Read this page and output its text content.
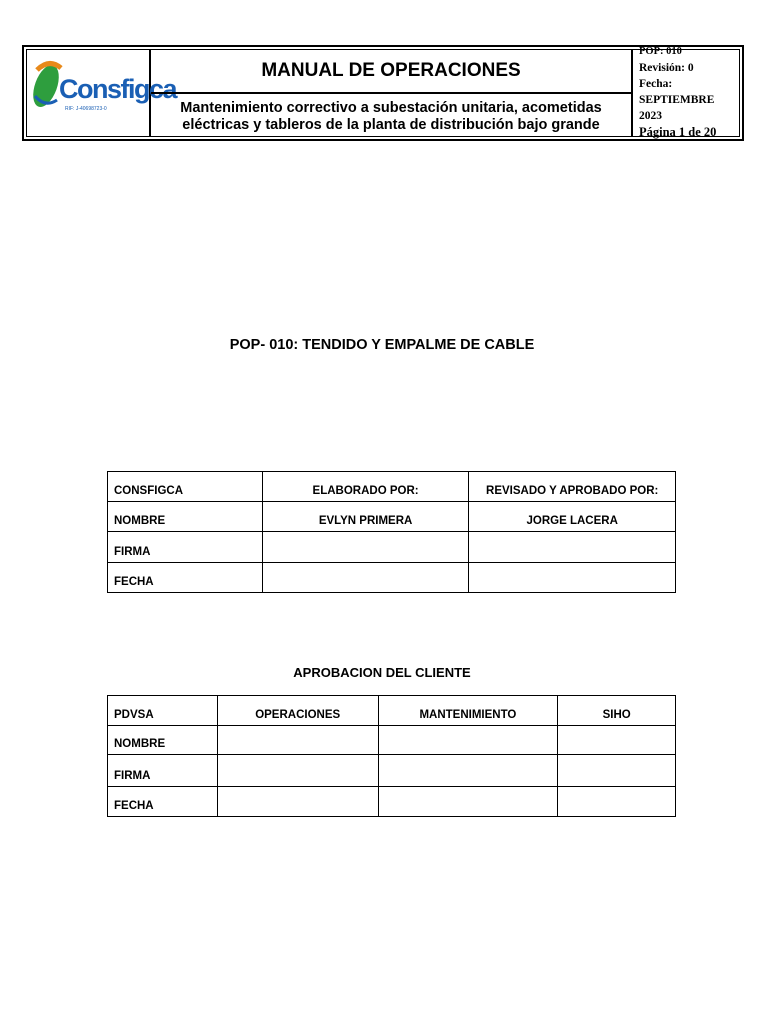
Consfigca
RIF: J-40698723-0
MANUAL DE OPERACIONES
Mantenimiento correctivo a subestación unitaria, acometidas
eléctricas y tableros de la planta de distribución bajo grande
POP: 010
Revisión: 0
Fecha:
SEPTIEMBRE
2023
Página 1 de 20
POP- 010: TENDIDO Y EMPALME DE CABLE
CONSFIGCA	ELABORADO POR:	REVISADO Y APROBADO POR:
NOMBRE	EVLYN PRIMERA	JORGE LACERA
FIRMA		
FECHA		
APROBACION DEL CLIENTE
PDVSA	OPERACIONES	MANTENIMIENTO	SIHO
NOMBRE			
FIRMA			
FECHA			
